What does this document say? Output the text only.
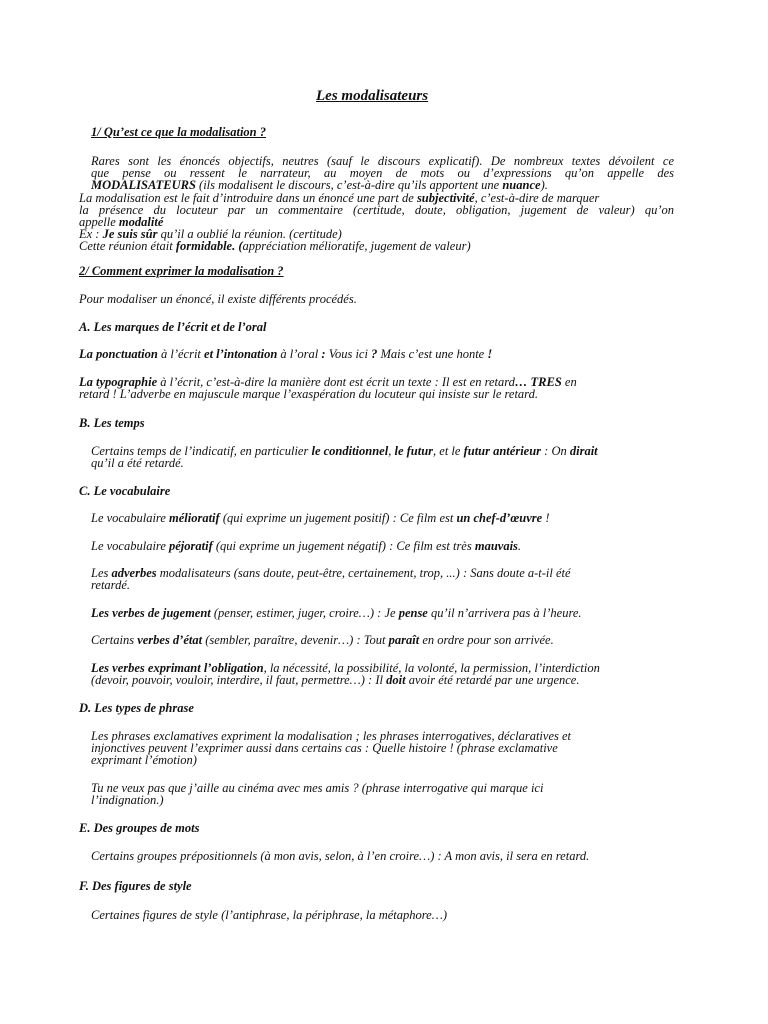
Les modalisateurs
1/ Qu’est ce que la modalisation ?
Rares sont les énoncés objectifs, neutres (sauf le discours explicatif). De nombreux textes dévoilent ce
que pense ou ressent le narrateur, au moyen de mots ou d’expressions qu’on appelle des
MODALISATEURS (ils modalisent le discours, c’est-à-dire qu’ils apportent une nuance).
La modalisation est le fait d’introduire dans un énoncé une part de subjectivité, c’est-à-dire de marquer
la présence du locuteur par un commentaire (certitude, doute, obligation, jugement de valeur) qu’on
appelle modalité
Ex : Je suis sûr qu’il a oublié la réunion. (certitude)
Cette réunion était formidable. (appréciation mélioratife, jugement de valeur)
2/ Comment exprimer la modalisation ?
Pour modaliser un énoncé, il existe différents procédés.
A. Les marques de l’écrit et de l’oral
La ponctuation à l’écrit et l’intonation à l’oral : Vous ici ? Mais c’est une honte !
La typographie à l’écrit, c’est-à-dire la manière dont est écrit un texte : Il est en retard… TRES en
retard ! L’adverbe en majuscule marque l’exaspération du locuteur qui insiste sur le retard.
B. Les temps
Certains temps de l’indicatif, en particulier le conditionnel, le futur, et le futur antérieur : On dirait
qu’il a été retardé.
C. Le vocabulaire
Le vocabulaire mélioratif (qui exprime un jugement positif) : Ce film est un chef-d’œuvre !
Le vocabulaire péjoratif (qui exprime un jugement négatif) : Ce film est très mauvais.
Les adverbes modalisateurs (sans doute, peut-être, certainement, trop, ...) : Sans doute a-t-il été
retardé.
Les verbes de jugement (penser, estimer, juger, croire…) : Je pense qu’il n’arrivera pas à l’heure.
Certains verbes d’état (sembler, paraître, devenir…) : Tout paraît en ordre pour son arrivée.
Les verbes exprimant l’obligation, la nécessité, la possibilité, la volonté, la permission, l’interdiction
(devoir, pouvoir, vouloir, interdire, il faut, permettre…) : Il doit avoir été retardé par une urgence.
D. Les types de phrase
Les phrases exclamatives expriment la modalisation ; les phrases interrogatives, déclaratives et
injonctives peuvent l’exprimer aussi dans certains cas : Quelle histoire ! (phrase exclamative
exprimant l’émotion)
Tu ne veux pas que j’aille au cinéma avec mes amis ? (phrase interrogative qui marque ici
l’indignation.)
E. Des groupes de mots
Certains groupes prépositionnels (à mon avis, selon, à l’en croire…) : A mon avis, il sera en retard.
F. Des figures de style
Certaines figures de style (l’antiphrase, la périphrase, la métaphore…)
